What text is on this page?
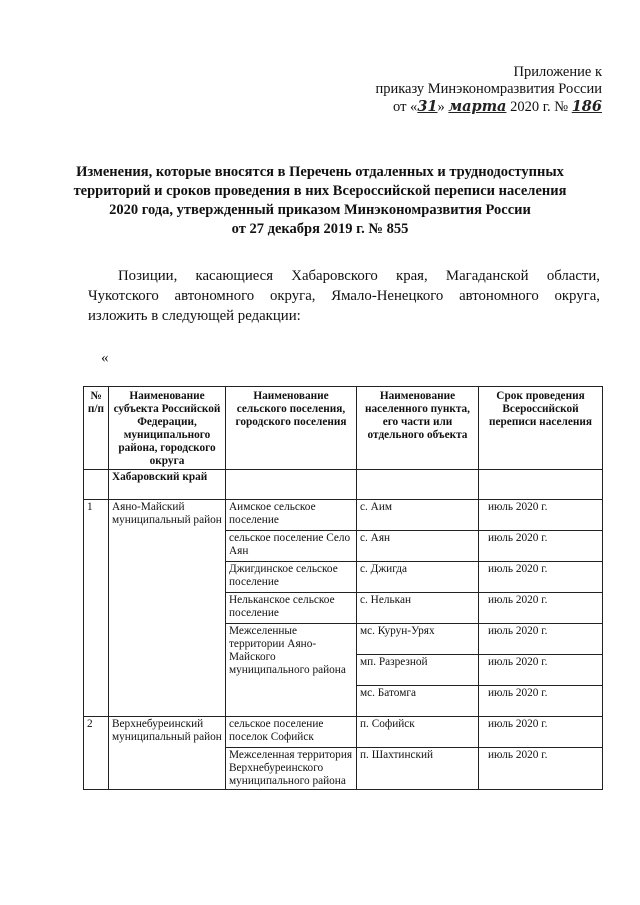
Приложение к
приказу Минэкономразвития России
от «31» марта 2020 г. № 186
Изменения, которые вносятся в Перечень отдаленных и труднодоступных
территорий и сроков проведения в них Всероссийской переписи населения
2020 года, утвержденный приказом Минэкономразвития России
от 27 декабря 2019 г. № 855
Позиции, касающиеся Хабаровского края, Магаданской области, Чукотского автономного округа, Ямало-Ненецкого автономного округа, изложить в следующей редакции:
«
№ п/п	Наименование субъекта Российской Федерации, муниципального района, городского округа	Наименование сельского поселения, городского поселения	Наименование населенного пункта, его части или отдельного объекта	Срок проведения Всероссийской переписи населения
	Хабаровский край			
1	Аяно-Майский муниципальный район	Аимское сельское поселение	с. Аим	июль 2020 г.
		сельское поселение Село Аян	с. Аян	июль 2020 г.
		Джигдинское сельское поселение	с. Джигда	июль 2020 г.
		Нельканское сельское поселение	с. Нелькан	июль 2020 г.
		Межселенные территории Аяно-Майского муниципального района	мс. Курун-Урях	июль 2020 г.
			мп. Разрезной	июль 2020 г.
			мс. Батомга	июль 2020 г.
2	Верхнебуреинский муниципальный район	сельское поселение поселок Софийск	п. Софийск	июль 2020 г.
		Межселенная территория Верхнебуреинского муниципального района	п. Шахтинский	июль 2020 г.
